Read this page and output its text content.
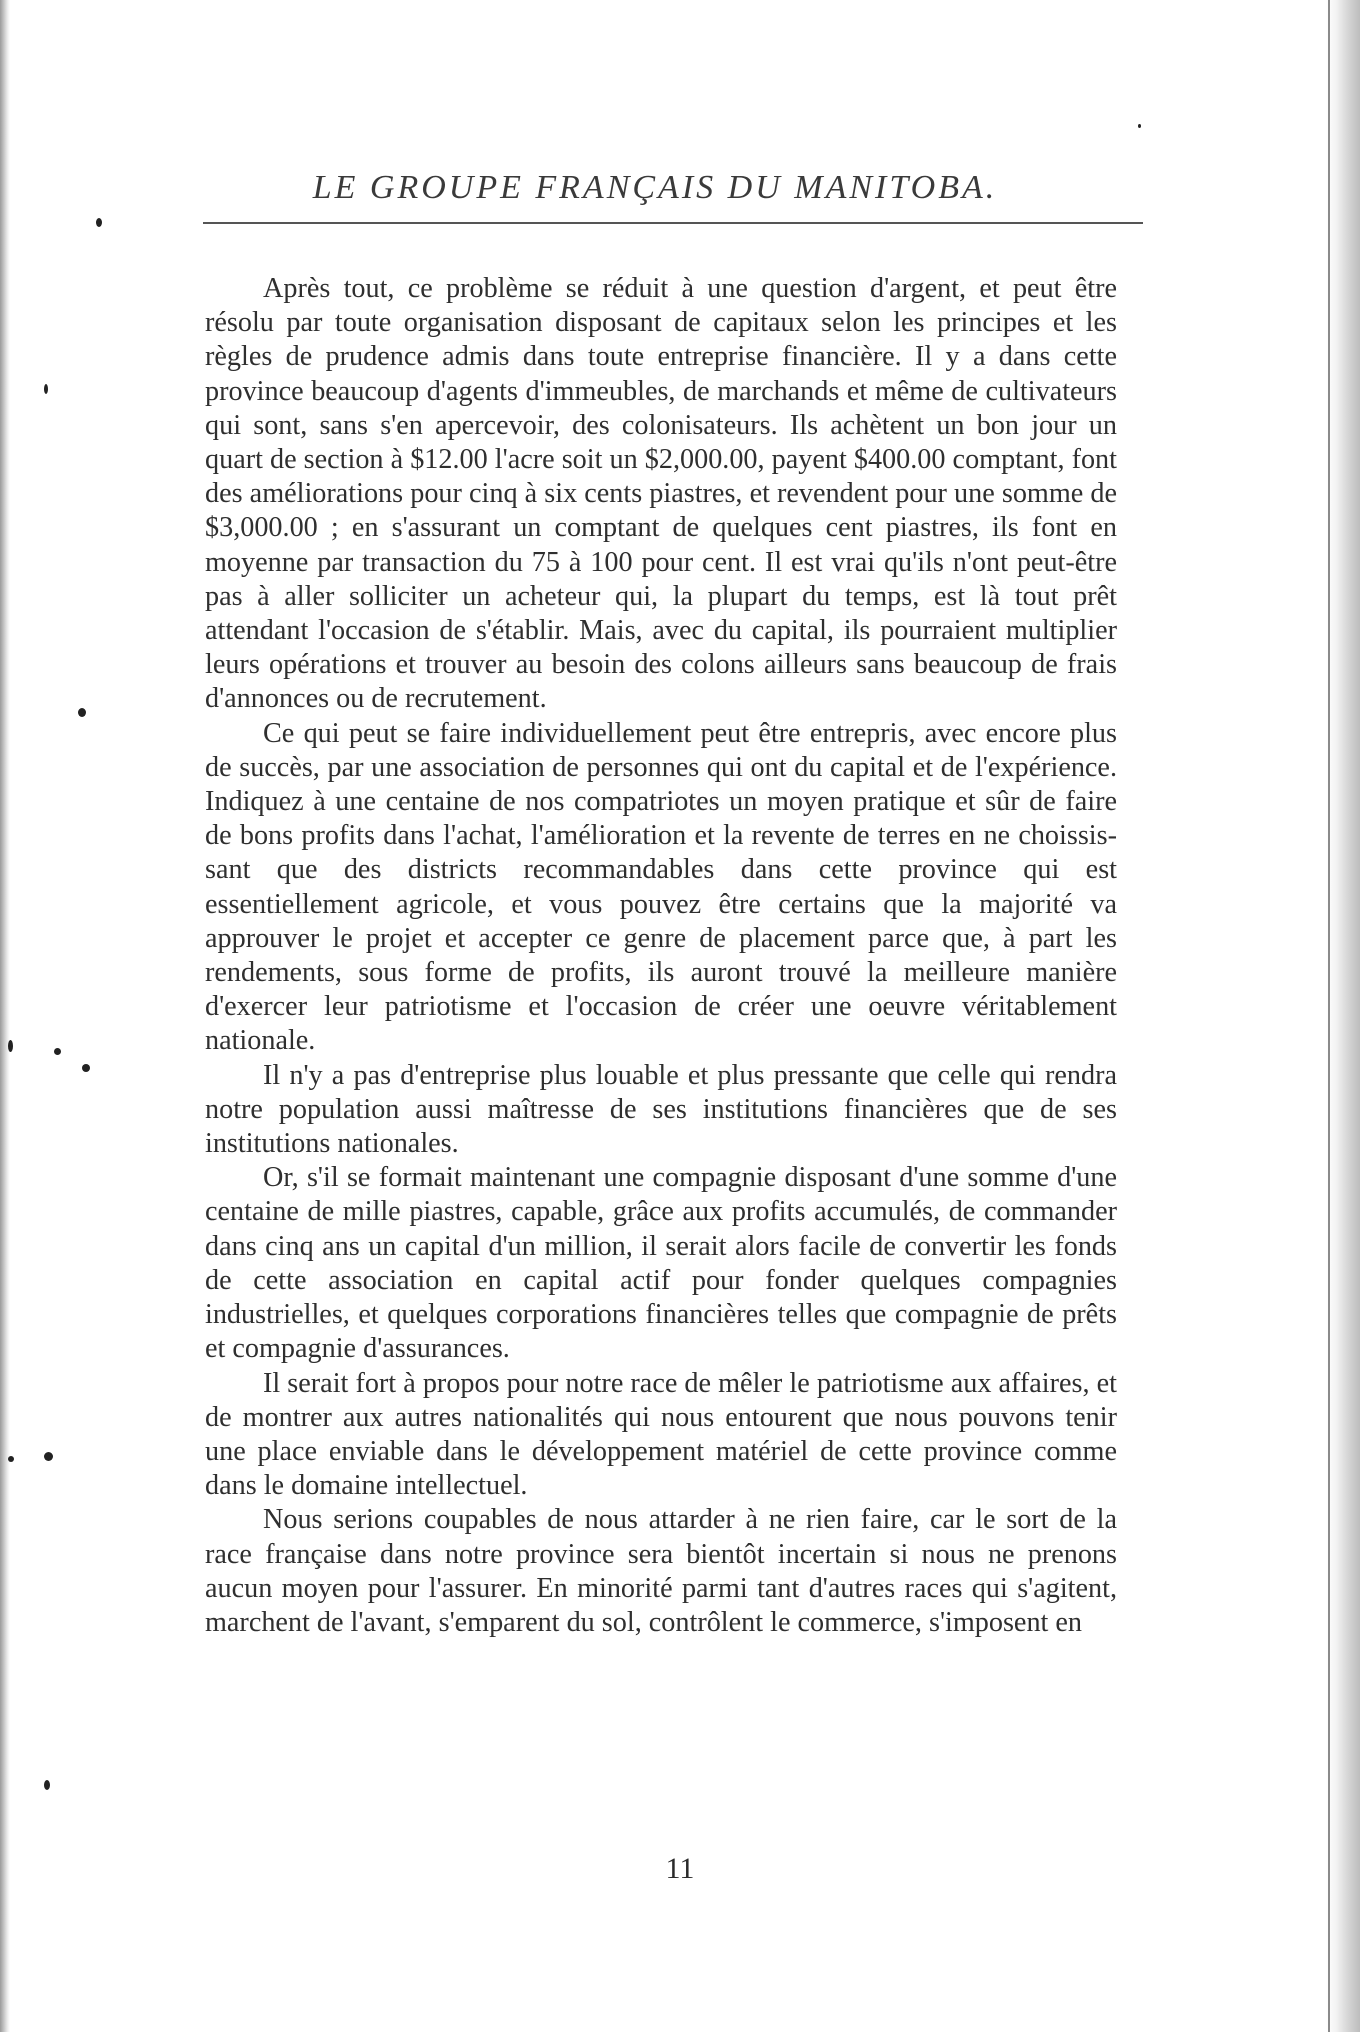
LE GROUPE FRANÇAIS DU MANITOBA.

Après tout, ce problème se réduit à une question d'argent, et peut être résolu par toute organisation disposant de capitaux selon les principes et les règles de prudence admis dans toute entreprise financière. Il y a dans cette province beaucoup d'agents d'immeubles, de marchands et même de cultivateurs qui sont, sans s'en apercevoir, des colonisateurs. Ils achètent un bon jour un quart de section à $12.00 l'acre soit un $2,000.00, payent $400.00 comptant, font des améliorations pour cinq à six cents piastres, et revendent pour une somme de $3,000.00 ; en s'assurant un comptant de quelques cent piastres, ils font en moyenne par transaction du 75 à 100 pour cent. Il est vrai qu'ils n'ont peut-être pas à aller solliciter un acheteur qui, la plupart du temps, est là tout prêt attendant l'occasion de s'établir. Mais, avec du capital, ils pourraient multiplier leurs opérations et trouver au besoin des colons ailleurs sans beaucoup de frais d'annonces ou de recrutement.

Ce qui peut se faire individuellement peut être entrepris, avec encore plus de succès, par une association de personnes qui ont du capital et de l'expérience. Indiquez à une centaine de nos compatriotes un moyen pratique et sûr de faire de bons profits dans l'achat, l'amélioration et la revente de terres en ne choississant que des districts recommandables dans cette province qui est essentiellement agricole, et vous pouvez être certains que la majorité va approuver le projet et accepter ce genre de placement parce que, à part les rendements, sous forme de profits, ils auront trouvé la meilleure manière d'exercer leur patriotisme et l'occasion de créer une oeuvre véritablement nationale.

Il n'y a pas d'entreprise plus louable et plus pressante que celle qui rendra notre population aussi maîtresse de ses institutions financières que de ses institutions nationales.

Or, s'il se formait maintenant une compagnie disposant d'une somme d'une centaine de mille piastres, capable, grâce aux profits accumulés, de commander dans cinq ans un capital d'un million, il serait alors facile de convertir les fonds de cette association en capital actif pour fonder quelques compagnies industrielles, et quelques corporations financières telles que compagnie de prêts et compagnie d'assurances.

Il serait fort à propos pour notre race de mêler le patriotisme aux affaires, et de montrer aux autres nationalités qui nous entourent que nous pouvons tenir une place enviable dans le développement matériel de cette province comme dans le domaine intellectuel.

Nous serions coupables de nous attarder à ne rien faire, car le sort de la race française dans notre province sera bientôt incertain si nous ne prenons aucun moyen pour l'assurer. En minorité parmi tant d'autres races qui s'agitent, marchent de l'avant, s'emparent du sol, contrôlent le commerce, s'imposent en

11
